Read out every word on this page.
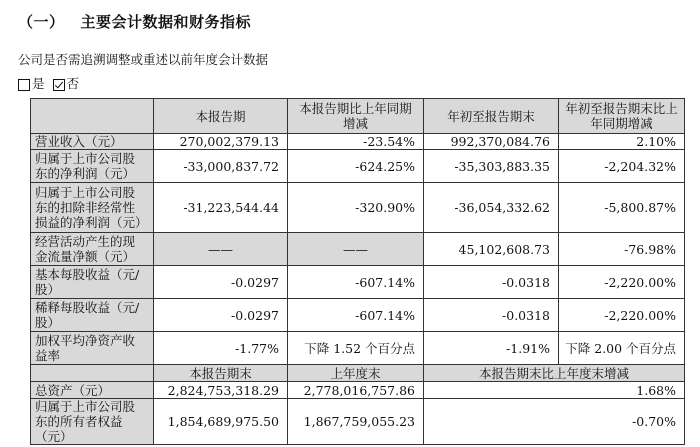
（一） 主要会计数据和财务指标
公司是否需追溯调整或重述以前年度会计数据
是 否
	本报告期	本报告期比上年同期增减	年初至报告期末	年初至报告期末比上年同期增减
营业收入（元）	270,002,379.13	-23.54%	992,370,084.76	2.10%
归属于上市公司股东的净利润（元）	-33,000,837.72	-624.25%	-35,303,883.35	-2,204.32%
归属于上市公司股东的扣除非经常性损益的净利润（元）	-31,223,544.44	-320.90%	-36,054,332.62	-5,800.87%
经营活动产生的现金流量净额（元）	——	——	45,102,608.73	-76.98%
基本每股收益（元/股）	-0.0297	-607.14%	-0.0318	-2,220.00%
稀释每股收益（元/股）	-0.0297	-607.14%	-0.0318	-2,220.00%
加权平均净资产收益率	-1.77%	下降 1.52 个百分点	-1.91%	下降 2.00 个百分点
	本报告期末	上年度末	本报告期末比上年度末增减	
总资产（元）	2,824,753,318.29	2,778,016,757.86	1.68%	
归属于上市公司股东的所有者权益（元）	1,854,689,975.50	1,867,759,055.23	-0.70%	
